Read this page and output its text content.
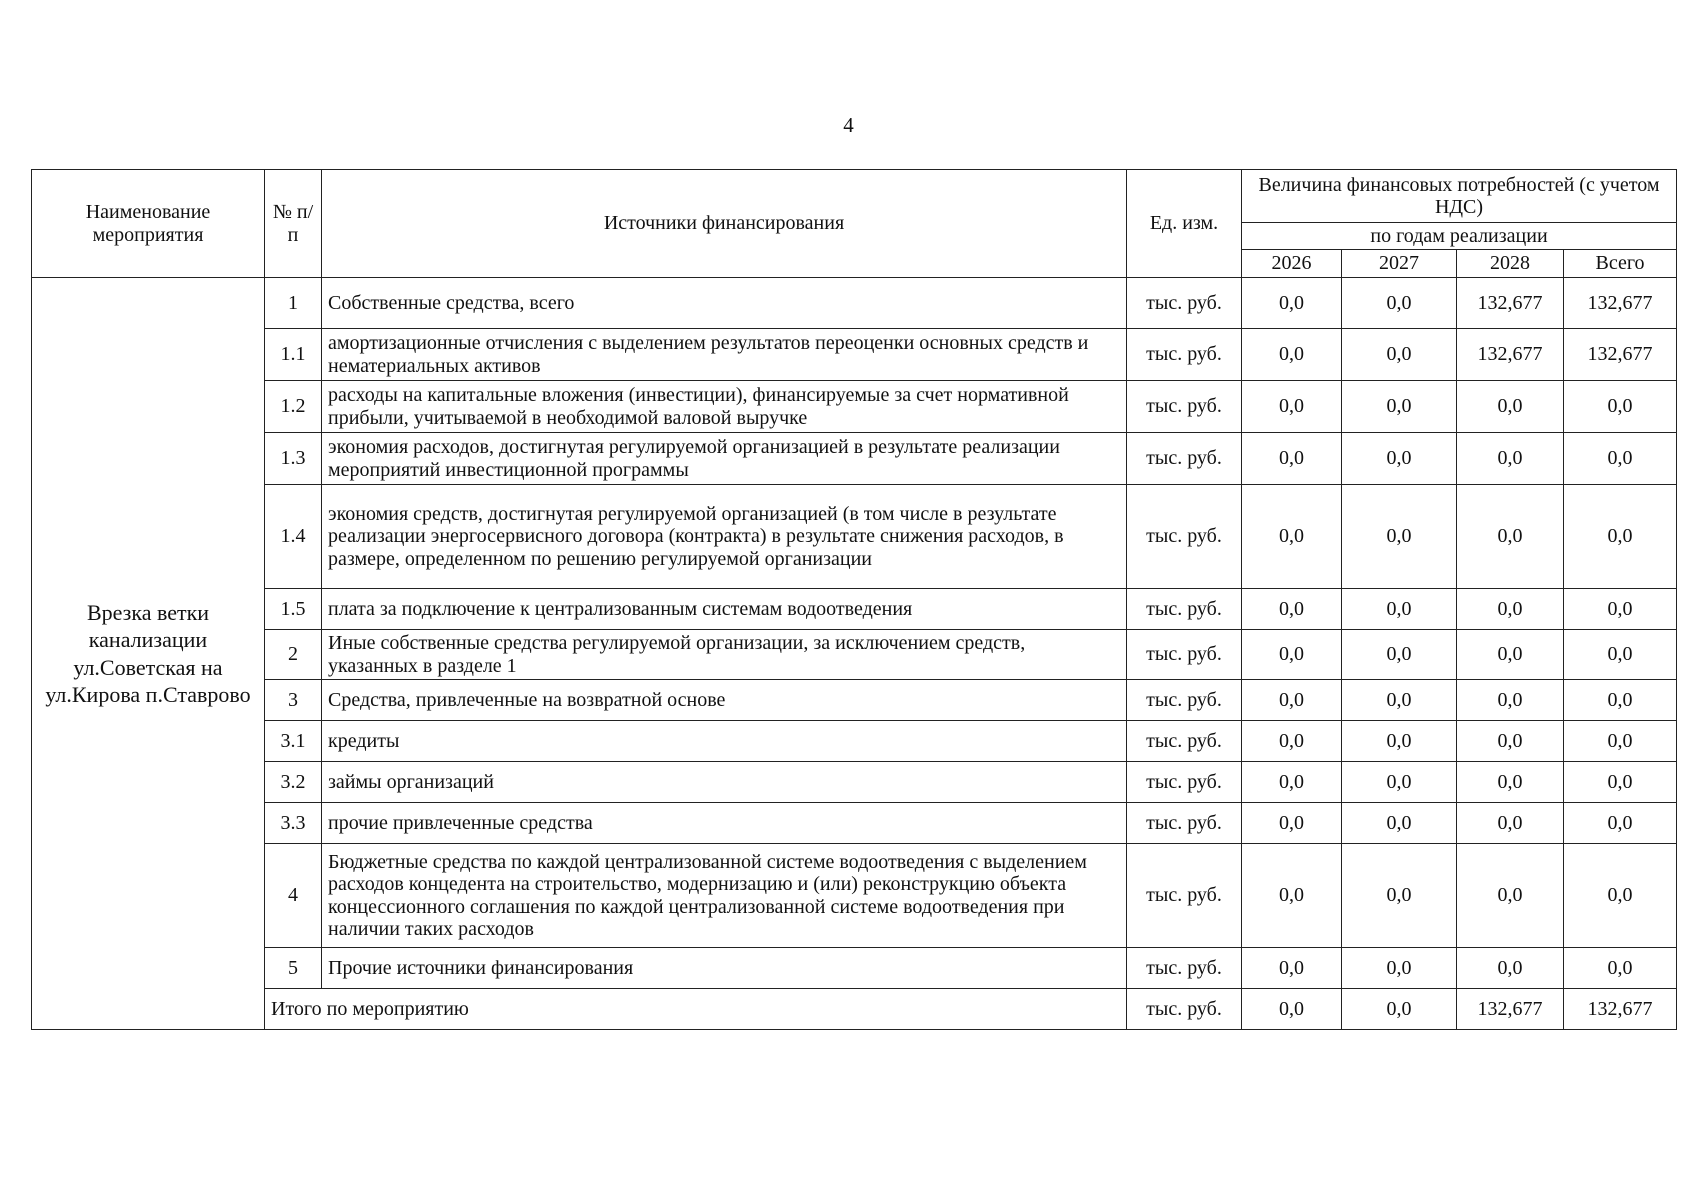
4
Наименование мероприятия	№ п/п	Источники финансирования	Ед. изм.	Величина финансовых потребностей (с учетом НДС)			
				по годам реализации			
				2026	2027	2028	Всего
Врезка ветки канализации ул.Советская на ул.Кирова п.Ставрово	1	Собственные средства, всего	тыс. руб.	0,0	0,0	132,677	132,677
	1.1	амортизационные отчисления с выделением результатов переоценки основных средств и нематериальных активов	тыс. руб.	0,0	0,0	132,677	132,677
	1.2	расходы на капитальные вложения (инвестиции), финансируемые за счет нормативной прибыли, учитываемой в необходимой валовой выручке	тыс. руб.	0,0	0,0	0,0	0,0
	1.3	экономия расходов, достигнутая регулируемой организацией в результате реализации мероприятий инвестиционной программы	тыс. руб.	0,0	0,0	0,0	0,0
	1.4	экономия средств, достигнутая регулируемой организацией (в том числе в результате реализации энергосервисного договора (контракта) в результате снижения расходов, в размере, определенном по решению регулируемой организации	тыс. руб.	0,0	0,0	0,0	0,0
	1.5	плата за подключение к централизованным системам водоотведения	тыс. руб.	0,0	0,0	0,0	0,0
	2	Иные собственные средства регулируемой организации, за исключением средств, указанных в разделе 1	тыс. руб.	0,0	0,0	0,0	0,0
	3	Средства, привлеченные на возвратной основе	тыс. руб.	0,0	0,0	0,0	0,0
	3.1	кредиты	тыс. руб.	0,0	0,0	0,0	0,0
	3.2	займы организаций	тыс. руб.	0,0	0,0	0,0	0,0
	3.3	прочие привлеченные средства	тыс. руб.	0,0	0,0	0,0	0,0
	4	Бюджетные средства по каждой централизованной системе водоотведения с выделением расходов концедента на строительство, модернизацию и (или) реконструкцию объекта концессионного соглашения по каждой централизованной системе водоотведения при наличии таких расходов	тыс. руб.	0,0	0,0	0,0	0,0
	5	Прочие источники финансирования	тыс. руб.	0,0	0,0	0,0	0,0
	Итого по мероприятию		тыс. руб.	0,0	0,0	132,677	132,677
